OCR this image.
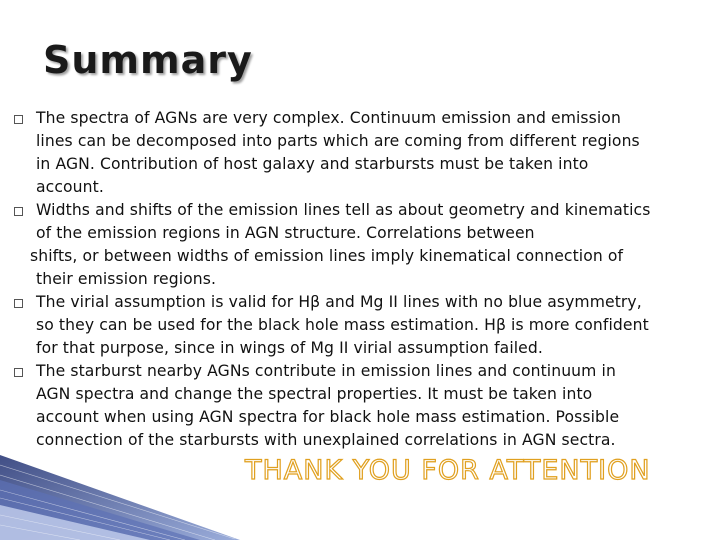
Summary
The spectra of AGNs are very complex. Continuum emission and emission
lines can be decomposed into parts which are coming from different regions
in AGN. Contribution of host galaxy and starbursts must be taken into
account.
Widths and shifts of the emission lines tell as about geometry and kinematics
of the emission regions in AGN structure. Correlations between
shifts, or between widths of emission lines imply kinematical connection of
their emission regions.
The virial assumption is valid for Hβ and Mg II lines with no blue asymmetry,
so they can be used for the black hole mass estimation. Hβ is more confident
for that purpose, since in wings of Mg II virial assumption failed.
The starburst nearby AGNs contribute in emission lines and continuum in
AGN spectra and change the spectral properties. It must be taken into
account when using AGN spectra for black hole mass estimation. Possible
connection of the starbursts with unexplained correlations in AGN sectra.
THANK YOU FOR ATTENTION
